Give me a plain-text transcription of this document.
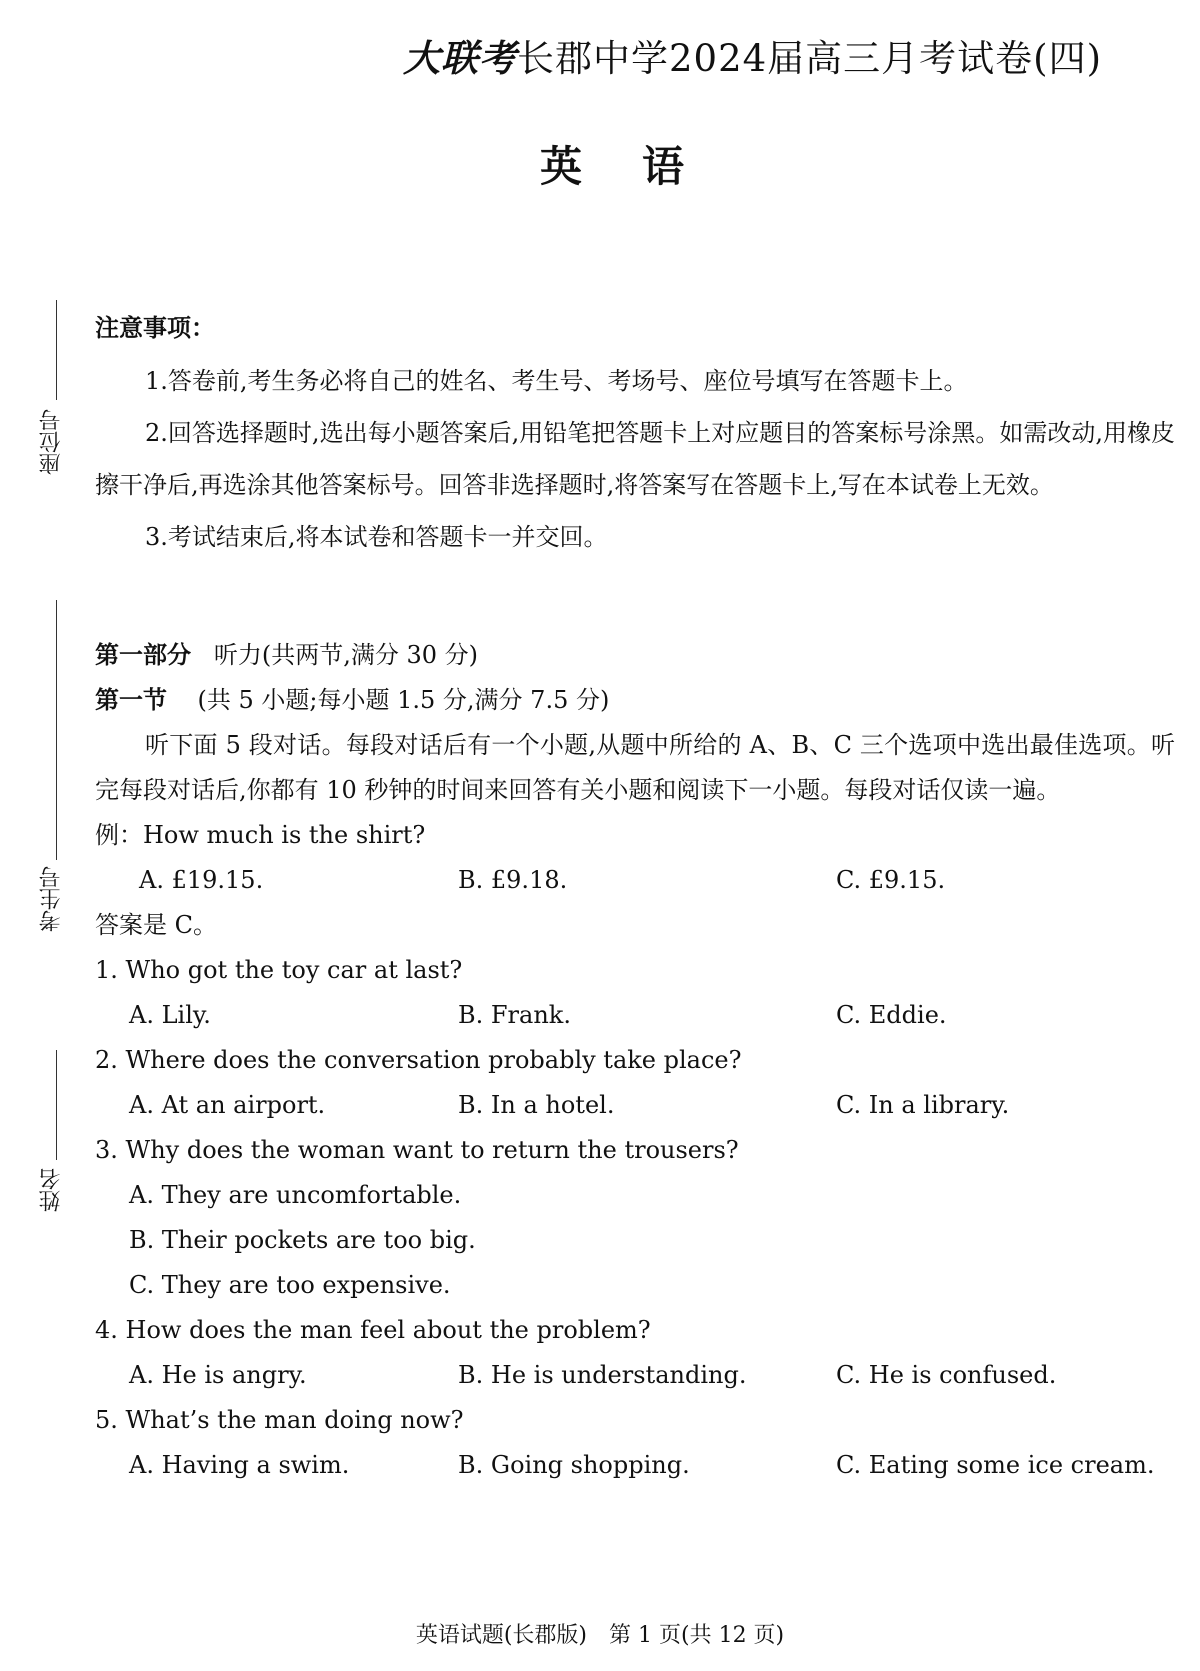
大联考长郡中学2024届高三月考试卷(四)
英语
座位号
考生号
姓名
注意事项：
1.答卷前,考生务必将自己的姓名、考生号、考场号、座位号填写在答题卡上。
2.回答选择题时,选出每小题答案后,用铅笔把答题卡上对应题目的答案标号涂黑。如需改动,用橡皮擦干净后,再选涂其他答案标号。回答非选择题时,将答案写在答题卡上,写在本试卷上无效。
3.考试结束后,将本试卷和答题卡一并交回。
第一部分 听力(共两节,满分 30 分)
第一节 (共 5 小题;每小题 1.5 分,满分 7.5 分)
听下面 5 段对话。每段对话后有一个小题,从题中所给的 A、B、C 三个选项中选出最佳选项。听完每段对话后,你都有 10 秒钟的时间来回答有关小题和阅读下一小题。每段对话仅读一遍。
例：How much is the shirt?
A. £19.15.	B. £9.18.	C. £9.15.
答案是 C。
1. Who got the toy car at last?
A. Lily.	B. Frank.	C. Eddie.
2. Where does the conversation probably take place?
A. At an airport.	B. In a hotel.	C. In a library.
3. Why does the woman want to return the trousers?
A. They are uncomfortable.
B. Their pockets are too big.
C. They are too expensive.
4. How does the man feel about the problem?
A. He is angry.	B. He is understanding.	C. He is confused.
5. What’s the man doing now?
A. Having a swim.	B. Going shopping.	C. Eating some ice cream.
英语试题(长郡版)　第 1 页(共 12 页)
